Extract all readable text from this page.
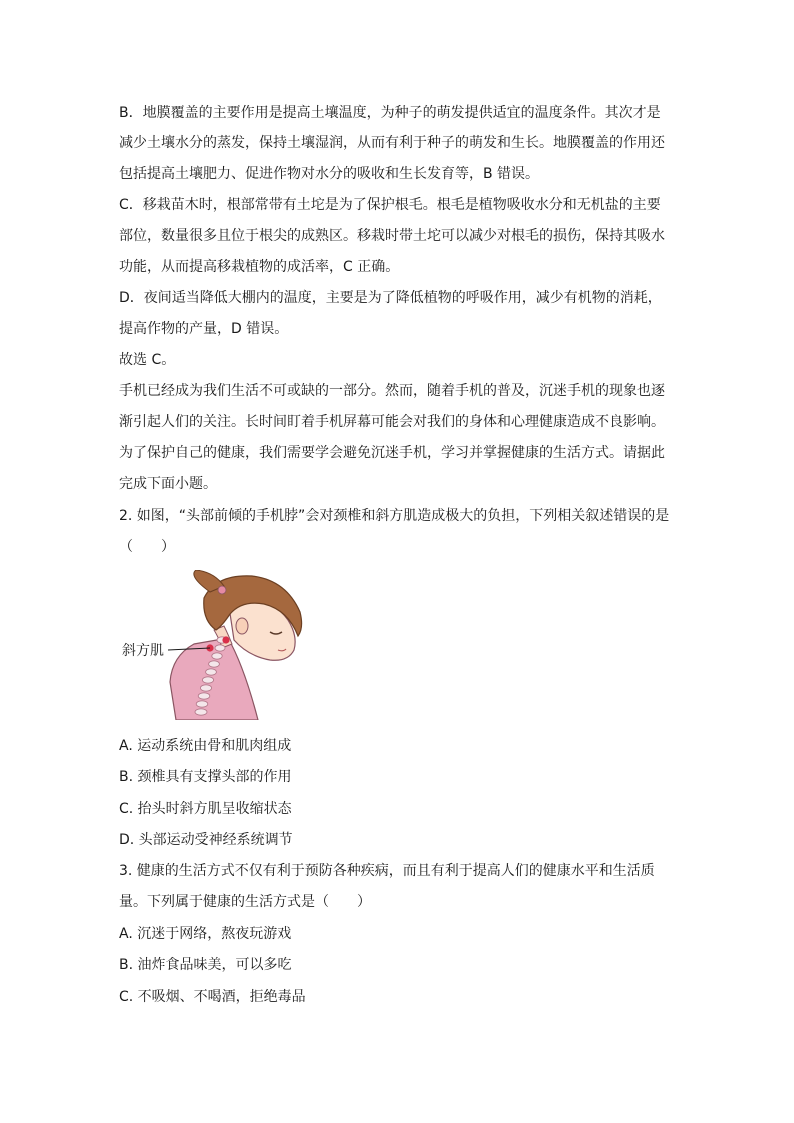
B．地膜覆盖的主要作用是提高土壤温度，为种子的萌发提供适宜的温度条件。其次才是
减少土壤水分的蒸发，保持土壤湿润，从而有利于种子的萌发和生长。地膜覆盖的作用还
包括提高土壤肥力、促进作物对水分的吸收和生长发育等，B 错误。
C．移栽苗木时，根部常带有土坨是为了保护根毛。根毛是植物吸收水分和无机盐的主要
部位，数量很多且位于根尖的成熟区。移栽时带土坨可以减少对根毛的损伤，保持其吸水
功能，从而提高移栽植物的成活率，C 正确。
D．夜间适当降低大棚内的温度，主要是为了降低植物的呼吸作用，减少有机物的消耗，
提高作物的产量，D 错误。
故选 C。
手机已经成为我们生活不可或缺的一部分。然而，随着手机的普及，沉迷手机的现象也逐
渐引起人们的关注。长时间盯着手机屏幕可能会对我们的身体和心理健康造成不良影响。
为了保护自己的健康，我们需要学会避免沉迷手机，学习并掌握健康的生活方式。请据此
完成下面小题。
2. 如图，“头部前倾的手机脖”会对颈椎和斜方肌造成极大的负担，下列相关叙述错误的是
（　　）
斜方肌
A. 运动系统由骨和肌肉组成
B. 颈椎具有支撑头部的作用
C. 抬头时斜方肌呈收缩状态
D. 头部运动受神经系统调节
3. 健康的生活方式不仅有利于预防各种疾病，而且有利于提高人们的健康水平和生活质
量。下列属于健康的生活方式是（　　）
A. 沉迷于网络，熬夜玩游戏
B. 油炸食品味美，可以多吃
C. 不吸烟、不喝酒，拒绝毒品
